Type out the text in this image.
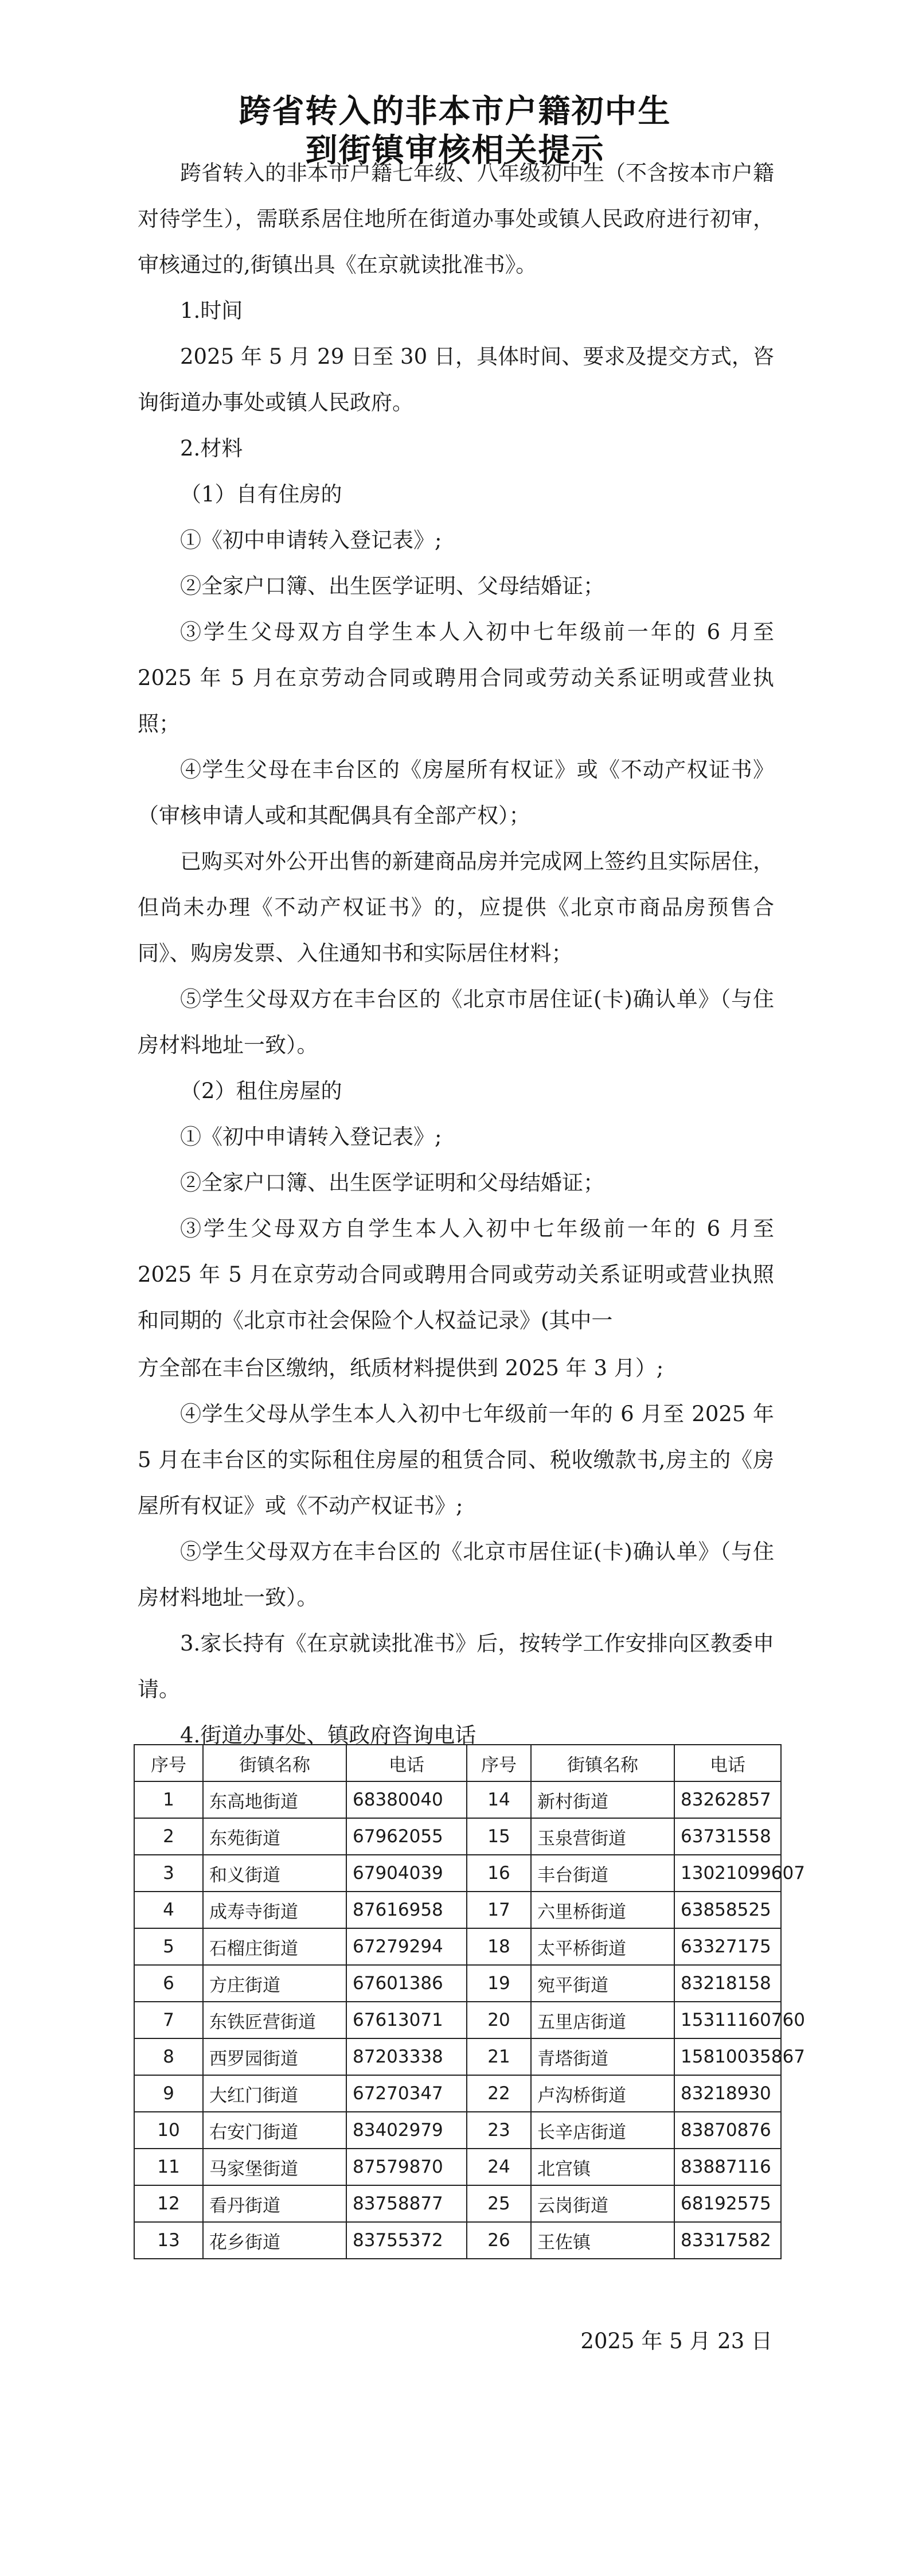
跨省转入的非本市户籍初中生
到街镇审核相关提示
跨省转入的非本市户籍七年级、八年级初中生（不含按本市户籍对待学生），需联系居住地所在街道办事处或镇人民政府进行初审，审核通过的,街镇出具《在京就读批准书》。
1.时间
2025 年 5 月 29 日至 30 日，具体时间、要求及提交方式，咨询街道办事处或镇人民政府。
2.材料
（1）自有住房的
①《初中申请转入登记表》;
②全家户口簿、出生医学证明、父母结婚证；
③学生父母双方自学生本人入初中七年级前一年的 6 月至 2025 年 5 月在京劳动合同或聘用合同或劳动关系证明或营业执照；
④学生父母在丰台区的《房屋所有权证》或《不动产权证书》（审核申请人或和其配偶具有全部产权）；
已购买对外公开出售的新建商品房并完成网上签约且实际居住，但尚未办理《不动产权证书》的，应提供《北京市商品房预售合同》、购房发票、入住通知书和实际居住材料；
⑤学生父母双方在丰台区的《北京市居住证(卡)确认单》（与住房材料地址一致）。
（2）租住房屋的
①《初中申请转入登记表》;
②全家户口簿、出生医学证明和父母结婚证；
③学生父母双方自学生本人入初中七年级前一年的 6 月至 2025 年 5 月在京劳动合同或聘用合同或劳动关系证明或营业执照和同期的《北京市社会保险个人权益记录》(其中一
方全部在丰台区缴纳，纸质材料提供到 2025 年 3 月）;
④学生父母从学生本人入初中七年级前一年的 6 月至 2025 年 5 月在丰台区的实际租住房屋的租赁合同、税收缴款书,房主的《房屋所有权证》或《不动产权证书》;
⑤学生父母双方在丰台区的《北京市居住证(卡)确认单》（与住房材料地址一致）。
3.家长持有《在京就读批准书》后，按转学工作安排向区教委申请。
4.街道办事处、镇政府咨询电话
序号	街镇名称	电话	序号	街镇名称	电话
1	东高地街道	68380040	14	新村街道	83262857
2	东苑街道	67962055	15	玉泉营街道	63731558
3	和义街道	67904039	16	丰台街道	13021099607
4	成寿寺街道	87616958	17	六里桥街道	63858525
5	石榴庄街道	67279294	18	太平桥街道	63327175
6	方庄街道	67601386	19	宛平街道	83218158
7	东铁匠营街道	67613071	20	五里店街道	15311160760
8	西罗园街道	87203338	21	青塔街道	15810035867
9	大红门街道	67270347	22	卢沟桥街道	83218930
10	右安门街道	83402979	23	长辛店街道	83870876
11	马家堡街道	87579870	24	北宫镇	83887116
12	看丹街道	83758877	25	云岗街道	68192575
13	花乡街道	83755372	26	王佐镇	83317582
2025 年 5 月 23 日
